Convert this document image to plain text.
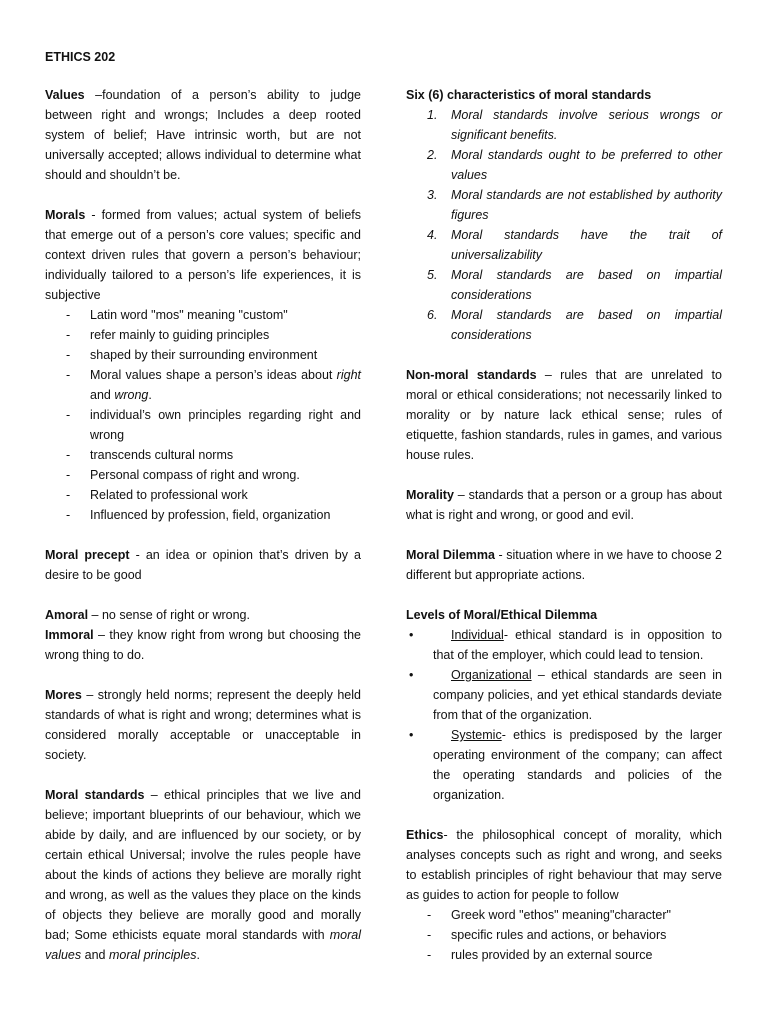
ETHICS 202

Values –foundation of a person’s ability to judge between right and wrongs; Includes a deep rooted system of belief; Have intrinsic worth, but are not universally accepted; allows individual to determine what should and shouldn’t be.

Morals - formed from values; actual system of beliefs that emerge out of a person’s core values; specific and context driven rules that govern a person’s behaviour; individually tailored to a person’s life experiences, it is subjective

- Latin word "mos" meaning "custom"
- refer mainly to guiding principles
- shaped by their surrounding environment
- Moral values shape a person’s ideas about right and wrong.
- individual’s own principles regarding right and wrong
- transcends cultural norms
- Personal compass of right and wrong.
- Related to professional work
- Influenced by profession, field, organization

Moral precept - an idea or opinion that’s driven by a desire to be good

Amoral – no sense of right or wrong.

Immoral – they know right from wrong but choosing the wrong thing to do.

Mores – strongly held norms; represent the deeply held standards of what is right and wrong; determines what is considered morally acceptable or unacceptable in society.

Moral standards – ethical principles that we live and believe; important blueprints of our behaviour, which we abide by daily, and are influenced by our society, or by certain ethical Universal; involve the rules people have about the kinds of actions they believe are morally right and wrong, as well as the values they place on the kinds of objects they believe are morally good and morally bad; Some ethicists equate moral standards with moral values and moral principles.

Six (6) characteristics of moral standards

1. Moral standards involve serious wrongs or significant benefits.
2. Moral standards ought to be preferred to other values
3. Moral standards are not established by authority figures
4. Moral standards have the trait of universalizability
5. Moral standards are based on impartial considerations
6. Moral standards are based on impartial considerations

Non-moral standards – rules that are unrelated to moral or ethical considerations; not necessarily linked to morality or by nature lack ethical sense; rules of etiquette, fashion standards, rules in games, and various house rules.

Morality – standards that a person or a group has about what is right and wrong, or good and evil.

Moral Dilemma - situation where in we have to choose 2 different but appropriate actions.

Levels of Moral/Ethical Dilemma

•	Individual- ethical standard is in opposition to that of the employer, which could lead to tension.
•	Organizational – ethical standards are seen in company policies, and yet ethical standards deviate from that of the organization.
•	Systemic- ethics is predisposed by the larger operating environment of the company; can affect the operating standards and policies of the organization.

Ethics- the philosophical concept of morality, which analyses concepts such as right and wrong, and seeks to establish principles of right behaviour that may serve as guides to action for people to follow

- Greek word "ethos" meaning"character"
- specific rules and actions, or behaviors
- rules provided by an external source
